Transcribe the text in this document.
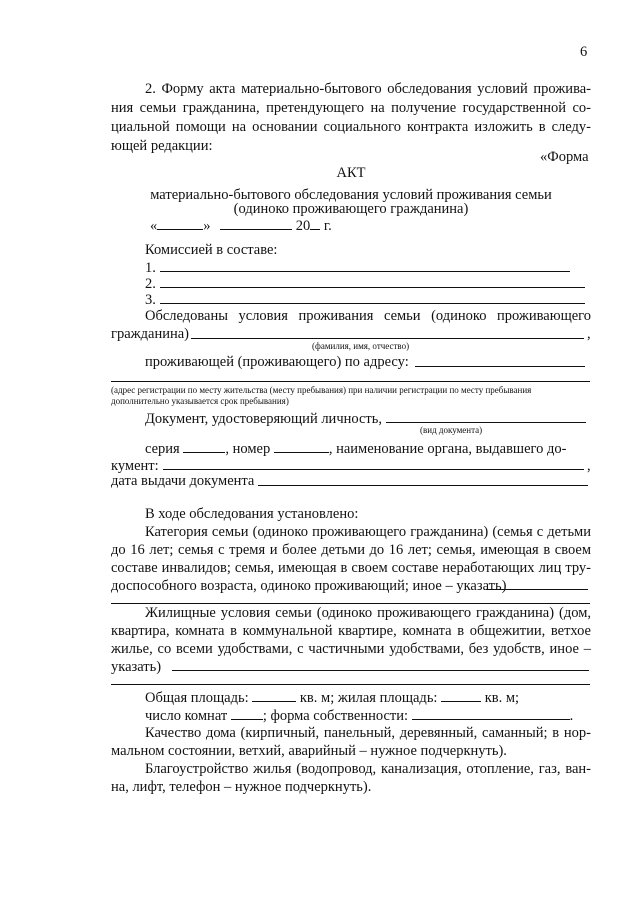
6
2. Форму акта материально-бытового обследования условий прожива-
ния семьи гражданина, претендующего на получение государственной со-
циальной помощи на основании социального контракта изложить в следу-
ющей редакции:
«Форма
АКТ
материально-бытового обследования условий проживания семьи
(одиноко проживающего гражданина)
«	»	20 г.
Комиссией в составе:
1.
2.
3.
Обследованы условия проживания семьи (одиноко проживающего
гражданина)	,
(фамилия, имя, отчество)
проживающей (проживающего) по адресу:
(адрес регистрации по месту жительства (месту пребывания) при наличии регистрации по месту пребывания
дополнительно указывается срок пребывания)
Документ, удостоверяющий личность,
(вид документа)
серия	, номер	, наименование органа, выдавшего до-
кумент:	,
дата выдачи документа
В ходе обследования установлено:
Категория семьи (одиноко проживающего гражданина) (семья с детьми
до 16 лет; семья с тремя и более детьми до 16 лет; семья, имеющая в своем
составе инвалидов; семья, имеющая в своем составе неработающих лиц тру-
доспособного возраста, одиноко проживающий; иное – указать)
Жилищные условия семьи (одиноко проживающего гражданина) (дом,
квартира, комната в коммунальной квартире, комната в общежитии, ветхое
жилье, со всеми удобствами, с частичными удобствами, без удобств, иное –
указать)
Общая площадь:	кв. м; жилая площадь:	кв. м;
число комнат ; форма собственности:	.
Качество дома (кирпичный, панельный, деревянный, саманный; в нор-
мальном состоянии, ветхий, аварийный – нужное подчеркнуть).
Благоустройство жилья (водопровод, канализация, отопление, газ, ван-
на, лифт, телефон – нужное подчеркнуть).
